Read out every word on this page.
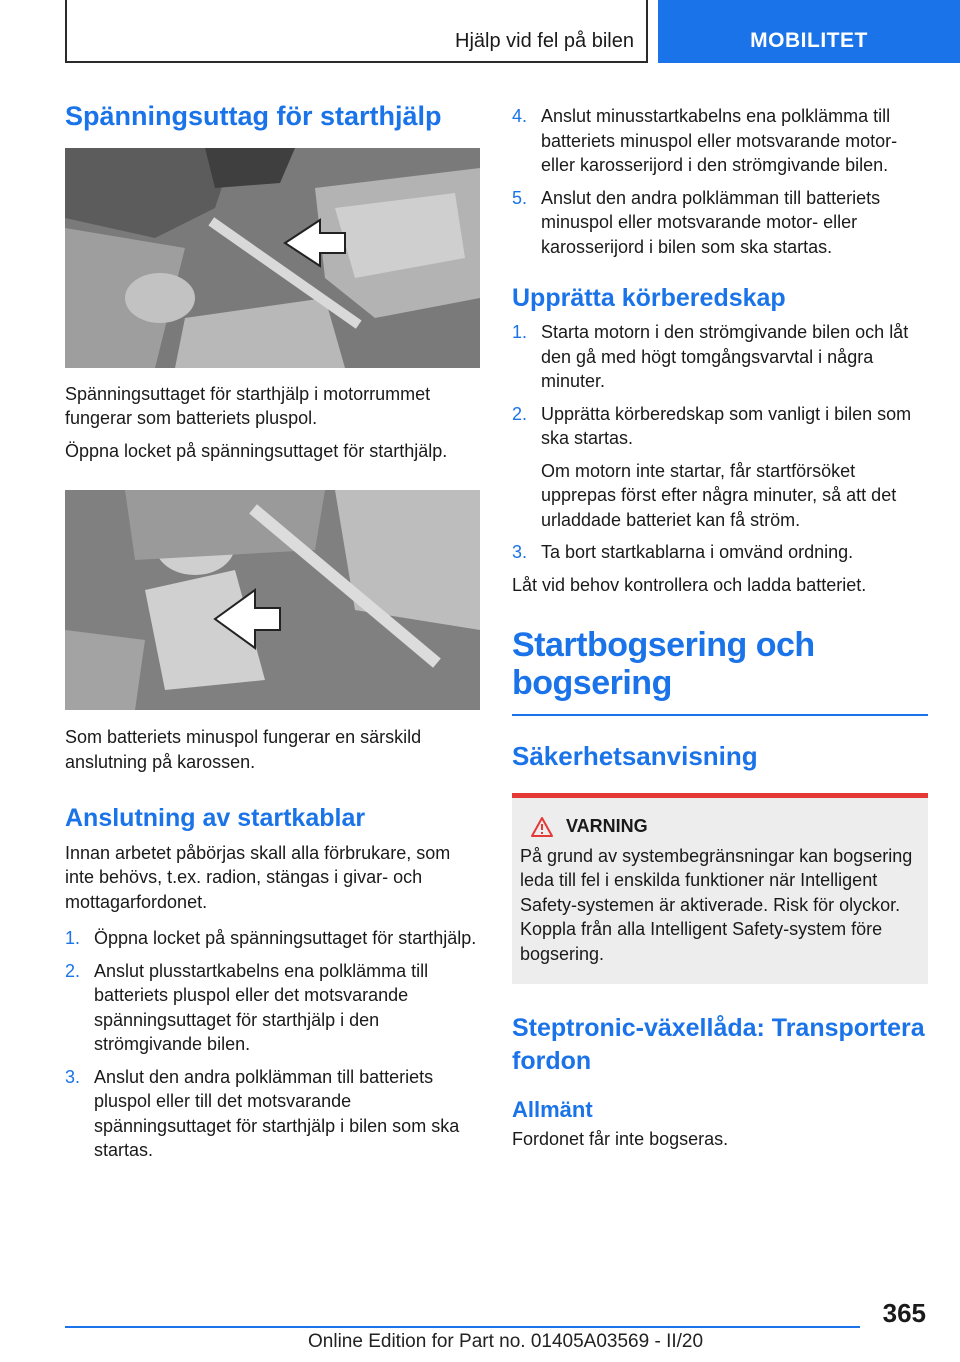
Hjälp vid fel på bilen	MOBILITET
Spänningsuttag för starthjälp

Spänningsuttaget för starthjälp i motorrummet fungerar som batteriets pluspol.

Öppna locket på spänningsuttaget för starthjälp.

Som batteriets minuspol fungerar en särskild anslutning på karossen.

Anslutning av startkablar

Innan arbetet påbörjas skall alla förbrukare, som inte behövs, t.ex. radion, stängas i givar- och mottagarfordonet.

1. Öppna locket på spänningsuttaget för starthjälp.
2. Anslut plusstartkabelns ena polklämma till batteriets pluspol eller det motsvarande spänningsuttaget för starthjälp i den strömgivande bilen.
3. Anslut den andra polklämman till batteriets pluspol eller till det motsvarande spänningsuttaget för starthjälp i bilen som ska startas.
4. Anslut minusstartkabelns ena polklämma till batteriets minuspol eller motsvarande motor- eller karosserijord i den strömgivande bilen.
5. Anslut den andra polklämman till batteriets minuspol eller motsvarande motor- eller karosserijord i bilen som ska startas.
Upprätta körberedskap
1. Starta motorn i den strömgivande bilen och låt den gå med högt tomgångsvarvtal i några minuter.
2. Upprätta körberedskap som vanligt i bilen som ska startas.
Om motorn inte startar, får startförsöket upprepas först efter några minuter, så att det urladdade batteriet kan få ström.
3. Ta bort startkablarna i omvänd ordning.

Låt vid behov kontrollera och ladda batteriet.

Startbogsering och bogsering
Säkerhetsanvisning
VARNING

På grund av systembegränsningar kan bogsering leda till fel i enskilda funktioner när Intelligent Safety-systemen är aktiverade. Risk för olyckor. Koppla från alla Intelligent Safety-system före bogsering.

Steptronic-växellåda: Transportera fordon
Allmänt

Fordonet får inte bogseras.

365
Online Edition for Part no. 01405A03569 - II/20
